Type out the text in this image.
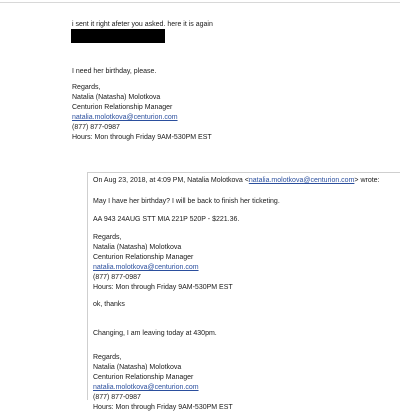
i sent it right afeter you asked. here it is again
I need her birthday, please.
Regards,
Natalia (Natasha) Molotkova
Centurion Relationship Manager
natalia.molotkova@centurion.com
(877) 877-0987
Hours: Mon through Friday 9AM-530PM EST
On Aug 23, 2018, at 4:09 PM, Natalia Molotkova <natalia.molotkova@centurion.com> wrote:
May I have her birthday? I will be back to finish her ticketing.
AA 943 24AUG STT MIA 221P 520P - $221.36.
Regards,
Natalia (Natasha) Molotkova
Centurion Relationship Manager
natalia.molotkova@centurion.com
(877) 877-0987
Hours: Mon through Friday 9AM-530PM EST
ok, thanks
Changing, I am leaving today at 430pm.
Regards,
Natalia (Natasha) Molotkova
Centurion Relationship Manager
natalia.molotkova@centurion.com
(877) 877-0987
Hours: Mon through Friday 9AM-530PM EST
